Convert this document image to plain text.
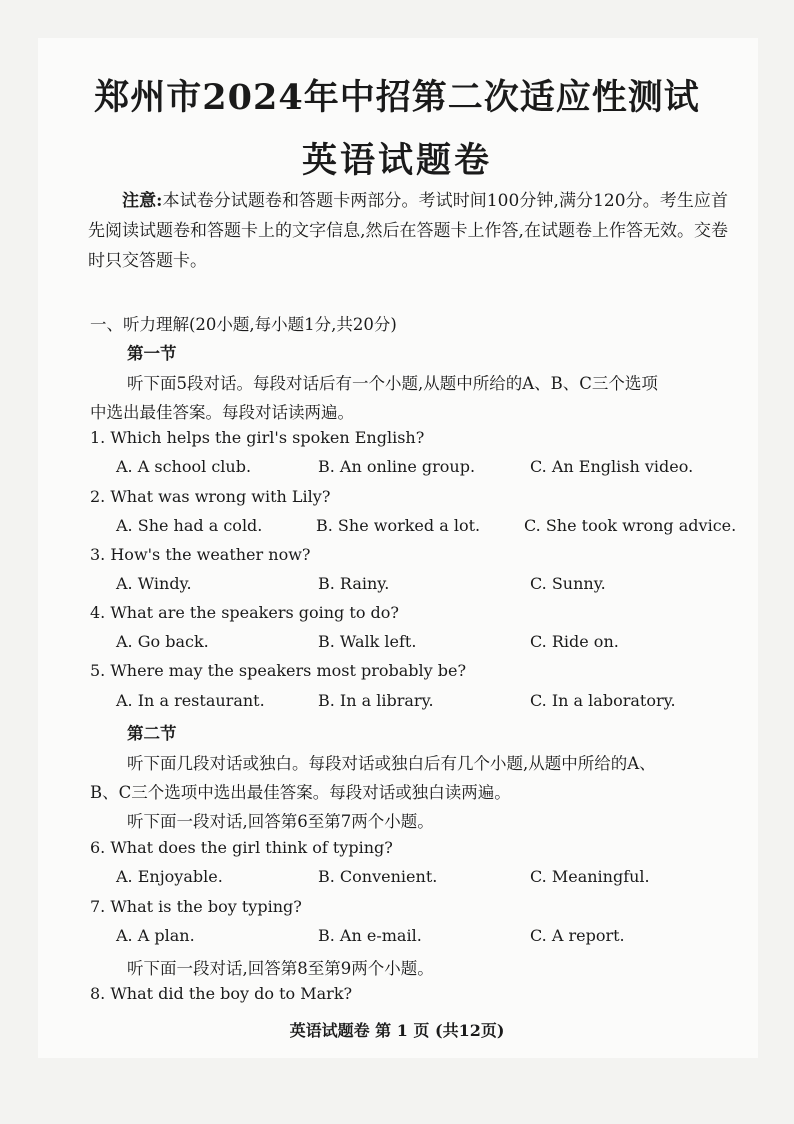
郑州市2024年中招第二次适应性测试
英语试题卷
注意:本试卷分试题卷和答题卡两部分。考试时间100分钟,满分120分。考生应首先阅读试题卷和答题卡上的文字信息,然后在答题卡上作答,在试题卷上作答无效。交卷时只交答题卡。
一、听力理解(20小题,每小题1分,共20分)
第一节
听下面5段对话。每段对话后有一个小题,从题中所给的A、B、C三个选项
中选出最佳答案。每段对话读两遍。
1. Which helps the girl's spoken English?
A. A school club.	B. An online group.	C. An English video.
2. What was wrong with Lily?
A. She had a cold.	B. She worked a lot.	C. She took wrong advice.
3. How's the weather now?
A. Windy.	B. Rainy.	C. Sunny.
4. What are the speakers going to do?
A. Go back.	B. Walk left.	C. Ride on.
5. Where may the speakers most probably be?
A. In a restaurant.	B. In a library.	C. In a laboratory.
第二节
听下面几段对话或独白。每段对话或独白后有几个小题,从题中所给的A、
B、C三个选项中选出最佳答案。每段对话或独白读两遍。
听下面一段对话,回答第6至第7两个小题。
6. What does the girl think of typing?
A. Enjoyable.	B. Convenient.	C. Meaningful.
7. What is the boy typing?
A. A plan.	B. An e-mail.	C. A report.
听下面一段对话,回答第8至第9两个小题。
8. What did the boy do to Mark?
英语试题卷 第 1 页 (共12页)
